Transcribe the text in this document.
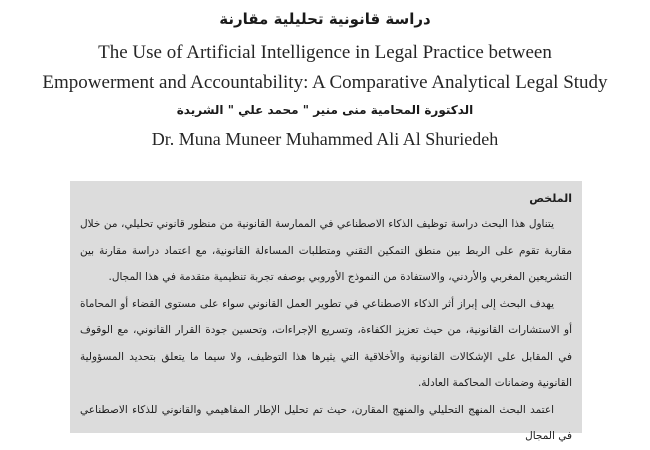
دراسة قانونية تحليلية مقارنة
The Use of Artificial Intelligence in Legal Practice between Empowerment and Accountability: A Comparative Analytical Legal Study
الدكتورة المحامية منى منير " محمد علي " الشريدة
Dr. Muna Muneer Muhammed Ali Al Shuriedeh

الملخص

يتناول هذا البحث دراسة توظيف الذكاء الاصطناعي في الممارسة القانونية من منظور قانوني تحليلي، من خلال مقاربة تقوم على الربط بين منطق التمكين التقني ومتطلبات المساءلة القانونية، مع اعتماد دراسة مقارنة بين التشريعين المغربي والأردني، والاستفادة من النموذج الأوروبي بوصفه تجربة تنظيمية متقدمة في هذا المجال.

يهدف البحث إلى إبراز أثر الذكاء الاصطناعي في تطوير العمل القانوني سواء على مستوى القضاء أو المحاماة أو الاستشارات القانونية، من حيث تعزيز الكفاءة، وتسريع الإجراءات، وتحسين جودة القرار القانوني، مع الوقوف في المقابل على الإشكالات القانونية والأخلاقية التي يثيرها هذا التوظيف، ولا سيما ما يتعلق بتحديد المسؤولية القانونية وضمانات المحاكمة العادلة.

اعتمد البحث المنهج التحليلي والمنهج المقارن، حيث تم تحليل الإطار المفاهيمي والقانوني للذكاء الاصطناعي في المجال
